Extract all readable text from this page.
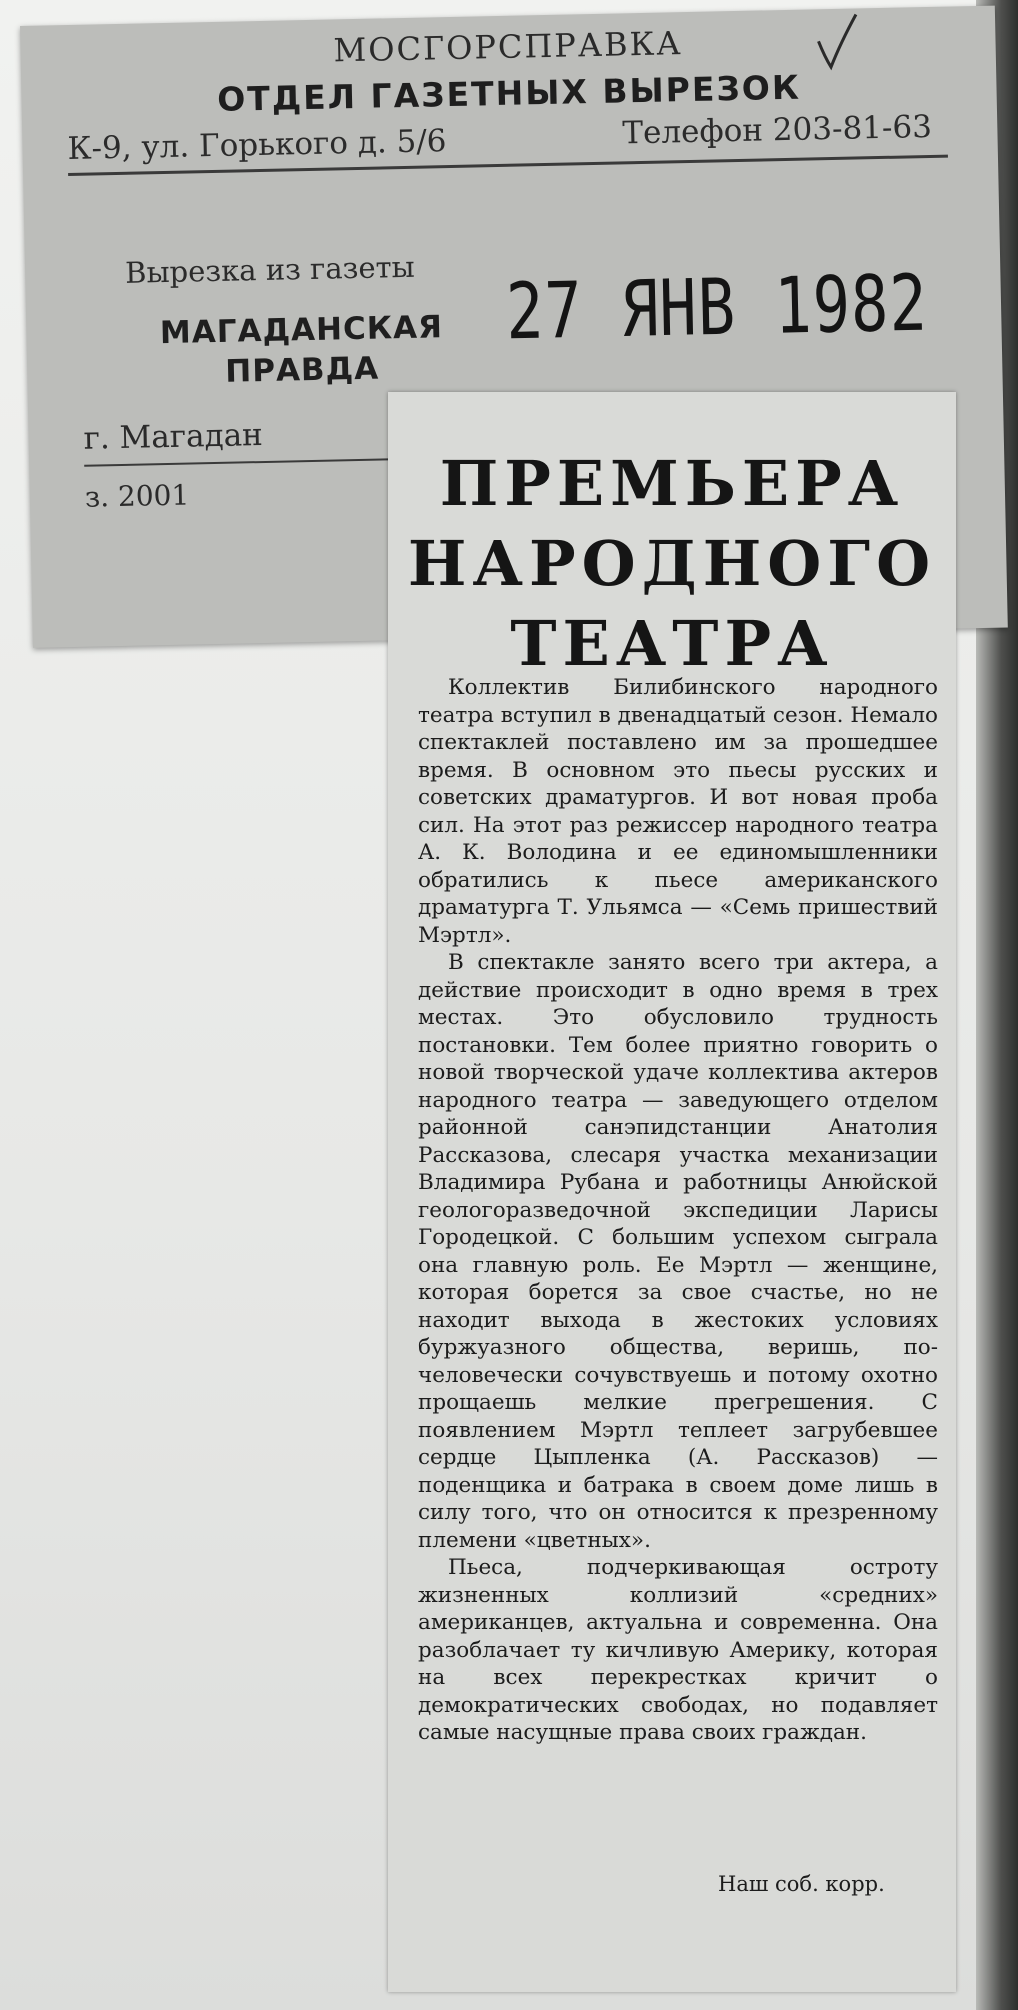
МОСГОРСПРАВКА
ОТДЕЛ ГАЗЕТНЫХ ВЫРЕЗОК
К-9, ул. Горького д. 5/6	Телефон 203-81-63
Вырезка из газеты
МАГАДАНСКАЯ ПРАВДА
г. Магадан
з. 2001
27 ЯНВ 1982
ПРЕМЬЕРА
НАРОДНОГО
ТЕАТРА

Коллектив Билибинского народного театра вступил в двенадцатый сезон. Немало спектаклей поставлено им за прошедшее время. В основном это пьесы русских и советских драматургов. И вот новая проба сил. На этот раз режиссер народного театра А. К. Володина и ее единомышленники обратились к пьесе американского драматурга Т. Ульямса — «Семь пришествий Мэртл».

В спектакле занято всего три актера, а действие происходит в одно время в трех местах. Это обусловило трудность постановки. Тем более приятно говорить о новой творческой удаче коллектива актеров народного театра — заведующего отделом районной санэпидстанции Анатолия Рассказова, слесаря участка механизации Владимира Рубана и работницы Анюйской геологоразведочной экспедиции Ларисы Городецкой. С большим успехом сыграла она главную роль. Ее Мэртл — женщине, которая борется за свое счастье, но не находит выхода в жестоких условиях буржуазного общества, веришь, по-человечески сочувствуешь и потому охотно прощаешь мелкие прегрешения. С появлением Мэртл теплеет загрубевшее сердце Цыпленка (А. Рассказов) — поденщика и батрака в своем доме лишь в силу того, что он относится к презренному племени «цветных».

Пьеса, подчеркивающая остроту жизненных коллизий «средних» американцев, актуальна и современна. Она разоблачает ту кичливую Америку, которая на всех перекрестках кричит о демократических свободах, но подавляет самые насущные права своих граждан.

Наш соб. корр.
